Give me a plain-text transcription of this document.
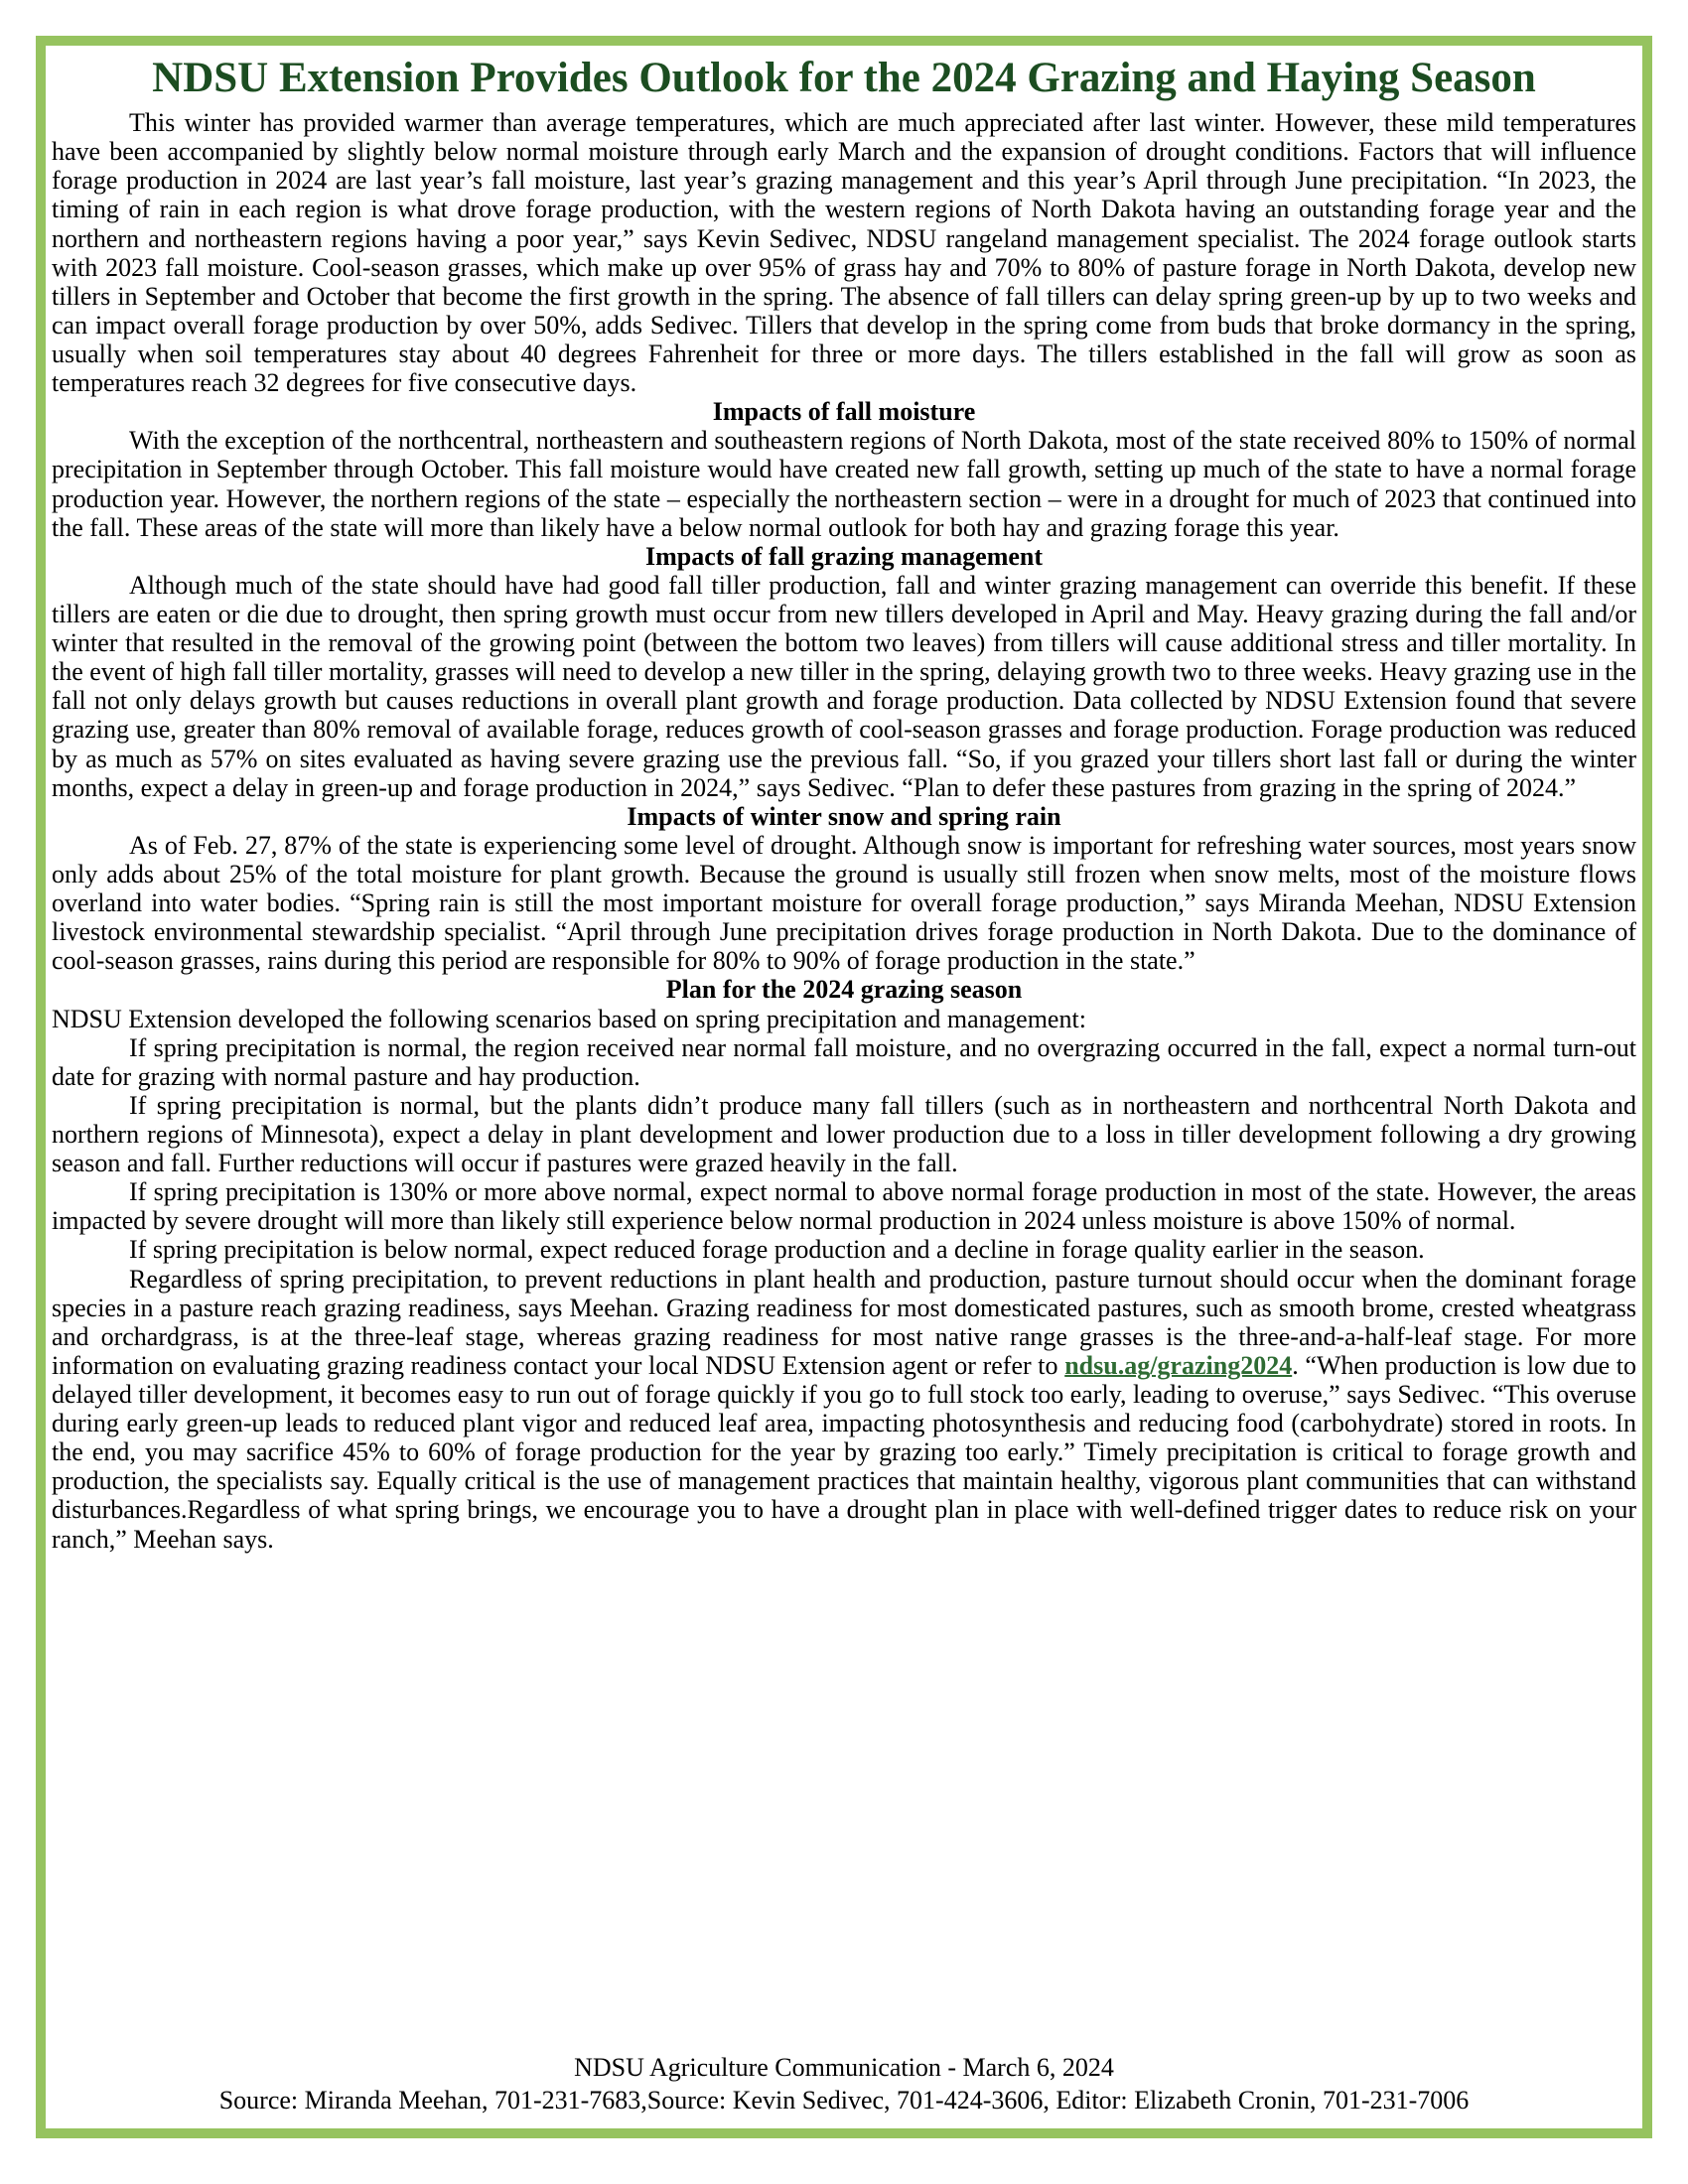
NDSU Extension Provides Outlook for the 2024 Grazing and Haying Season

This winter has provided warmer than average temperatures, which are much appreciated after last winter. However, these mild temperatures have been accompanied by slightly below normal moisture through early March and the expansion of drought conditions. Factors that will influence forage production in 2024 are last year’s fall moisture, last year’s grazing management and this year’s April through June precipitation. “In 2023, the timing of rain in each region is what drove forage production, with the western regions of North Dakota having an outstanding forage year and the northern and northeastern regions having a poor year,” says Kevin Sedivec, NDSU rangeland management specialist. The 2024 forage outlook starts with 2023 fall moisture. Cool-season grasses, which make up over 95% of grass hay and 70% to 80% of pasture forage in North Dakota, develop new tillers in September and October that become the first growth in the spring. The absence of fall tillers can delay spring green-up by up to two weeks and can impact overall forage production by over 50%, adds Sedivec. Tillers that develop in the spring come from buds that broke dormancy in the spring, usually when soil temperatures stay about 40 degrees Fahrenheit for three or more days. The tillers established in the fall will grow as soon as temperatures reach 32 degrees for five consecutive days.

Impacts of fall moisture

With the exception of the northcentral, northeastern and southeastern regions of North Dakota, most of the state received 80% to 150% of normal precipitation in September through October. This fall moisture would have created new fall growth, setting up much of the state to have a normal forage production year. However, the northern regions of the state – especially the northeastern section – were in a drought for much of 2023 that continued into the fall. These areas of the state will more than likely have a below normal outlook for both hay and grazing forage this year.

Impacts of fall grazing management

Although much of the state should have had good fall tiller production, fall and winter grazing management can override this benefit. If these tillers are eaten or die due to drought, then spring growth must occur from new tillers developed in April and May. Heavy grazing during the fall and/or winter that resulted in the removal of the growing point (between the bottom two leaves) from tillers will cause additional stress and tiller mortality. In the event of high fall tiller mortality, grasses will need to develop a new tiller in the spring, delaying growth two to three weeks. Heavy grazing use in the fall not only delays growth but causes reductions in overall plant growth and forage production. Data collected by NDSU Extension found that severe grazing use, greater than 80% removal of available forage, reduces growth of cool-season grasses and forage production. Forage production was reduced by as much as 57% on sites evaluated as having severe grazing use the previous fall. “So, if you grazed your tillers short last fall or during the winter months, expect a delay in green-up and forage production in 2024,” says Sedivec. “Plan to defer these pastures from grazing in the spring of 2024.”

Impacts of winter snow and spring rain

As of Feb. 27, 87% of the state is experiencing some level of drought. Although snow is important for refreshing water sources, most years snow only adds about 25% of the total moisture for plant growth. Because the ground is usually still frozen when snow melts, most of the moisture flows overland into water bodies. “Spring rain is still the most important moisture for overall forage production,” says Miranda Meehan, NDSU Extension livestock environmental stewardship specialist. “April through June precipitation drives forage production in North Dakota. Due to the dominance of cool-season grasses, rains during this period are responsible for 80% to 90% of forage production in the state.”

Plan for the 2024 grazing season

NDSU Extension developed the following scenarios based on spring precipitation and management:

If spring precipitation is normal, the region received near normal fall moisture, and no overgrazing occurred in the fall, expect a normal turn-out date for grazing with normal pasture and hay production.

If spring precipitation is normal, but the plants didn’t produce many fall tillers (such as in northeastern and northcentral North Dakota and northern regions of Minnesota), expect a delay in plant development and lower production due to a loss in tiller development following a dry growing season and fall. Further reductions will occur if pastures were grazed heavily in the fall.

If spring precipitation is 130% or more above normal, expect normal to above normal forage production in most of the state. However, the areas impacted by severe drought will more than likely still experience below normal production in 2024 unless moisture is above 150% of normal.

If spring precipitation is below normal, expect reduced forage production and a decline in forage quality earlier in the season.

Regardless of spring precipitation, to prevent reductions in plant health and production, pasture turnout should occur when the dominant forage species in a pasture reach grazing readiness, says Meehan. Grazing readiness for most domesticated pastures, such as smooth brome, crested wheatgrass and orchardgrass, is at the three-leaf stage, whereas grazing readiness for most native range grasses is the three-and-a-half-leaf stage. For more information on evaluating grazing readiness contact your local NDSU Extension agent or refer to ndsu.ag/grazing2024. “When production is low due to delayed tiller development, it becomes easy to run out of forage quickly if you go to full stock too early, leading to overuse,” says Sedivec. “This overuse during early green-up leads to reduced plant vigor and reduced leaf area, impacting photosynthesis and reducing food (carbohydrate) stored in roots. In the end, you may sacrifice 45% to 60% of forage production for the year by grazing too early.” Timely precipitation is critical to forage growth and production, the specialists say. Equally critical is the use of management practices that maintain healthy, vigorous plant communities that can withstand disturbances.Regardless of what spring brings, we encourage you to have a drought plan in place with well-defined trigger dates to reduce risk on your ranch,” Meehan says.

NDSU Agriculture Communication - March 6, 2024

Source: Miranda Meehan, 701-231-7683,Source: Kevin Sedivec, 701-424-3606, Editor: Elizabeth Cronin, 701-231-7006
